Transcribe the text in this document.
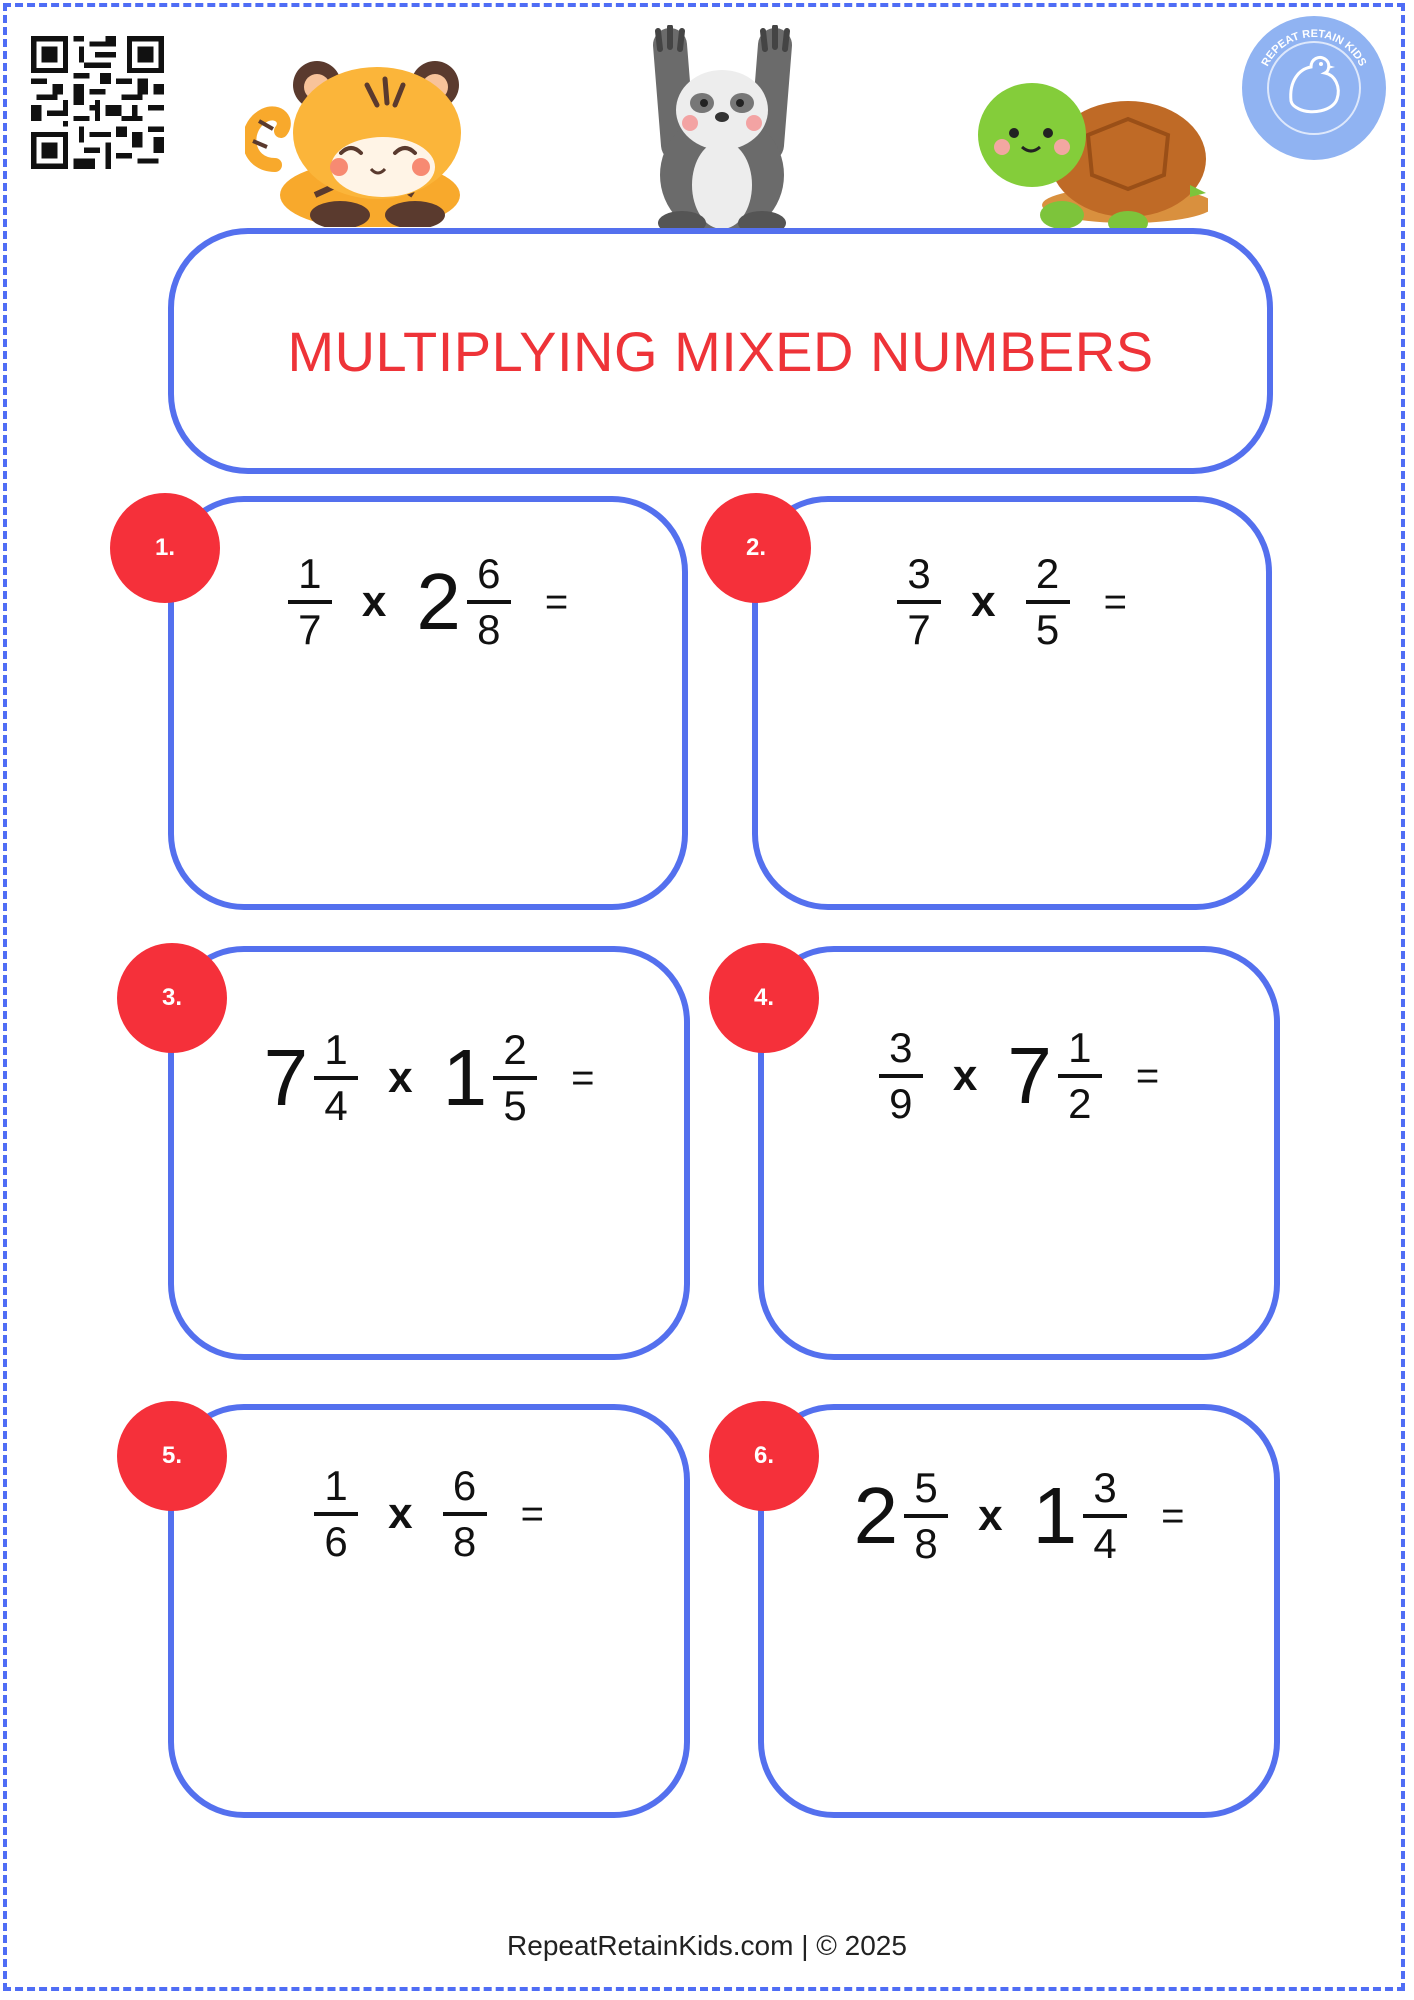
REPEAT RETAIN KIDS
MULTIPLYING MIXED NUMBERS
$\frac{1}{7}$ x $2 \frac{6}{8}$ =
1.
$\frac{3}{7}$ x $\frac{2}{5}$ =
2.
$7 \frac{1}{4}$ x $1 \frac{2}{5}$ =
3.
$\frac{3}{9}$ x $7 \frac{1}{2}$ =
4.
$\frac{1}{6}$ x $\frac{6}{8}$ =
5.
$2 \frac{5}{8}$ x $1 \frac{3}{4}$ =
6.
RepeatRetainKids.com | © 2025
